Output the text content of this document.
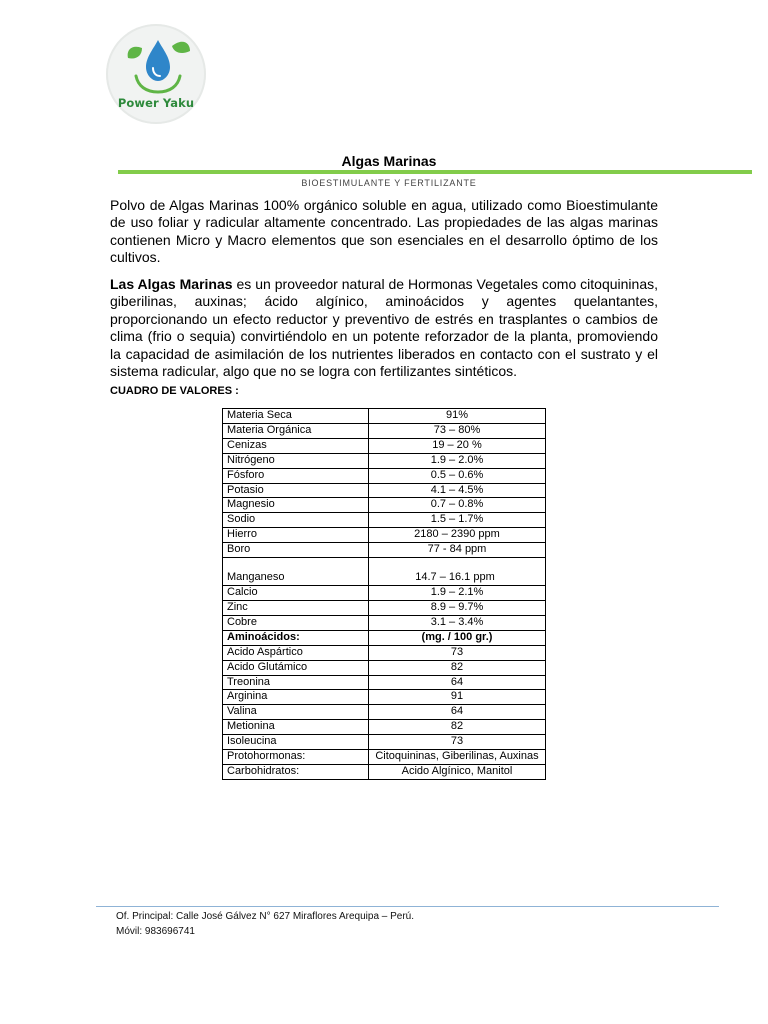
Power Yaku
Algas Marinas
BIOESTIMULANTE Y FERTILIZANTE

Polvo de Algas Marinas 100% orgánico soluble en agua, utilizado como Bioestimulante de uso foliar y radicular altamente concentrado. Las propiedades de las algas marinas contienen Micro y Macro elementos que son esenciales en el desarrollo óptimo de los cultivos.

Las Algas Marinas es un proveedor natural de Hormonas Vegetales como citoquininas, giberilinas, auxinas; ácido algínico, aminoácidos y agentes quelantantes, proporcionando un efecto reductor y preventivo de estrés en trasplantes o cambios de clima (frio o sequia) convirtiéndolo en un potente reforzador de la planta, promoviendo la capacidad de asimilación de los nutrientes liberados en contacto con el sustrato y el sistema radicular, algo que no se logra con fertilizantes sintéticos.

CUADRO DE VALORES :
Materia Seca	91%
Materia Orgánica	73 – 80%
Cenizas	19 – 20 %
Nitrógeno	1.9 – 2.0%
Fósforo	0.5 – 0.6%
Potasio	4.1 – 4.5%
Magnesio	0.7 – 0.8%
Sodio	1.5 – 1.7%
Hierro	2180 – 2390 ppm
Boro	77 - 84 ppm
Manganeso	14.7 – 16.1 ppm
Calcio	1.9 – 2.1%
Zinc	8.9 – 9.7%
Cobre	3.1 – 3.4%
Aminoácidos:	(mg. / 100 gr.)
Acido Aspártico	73
Acido Glutámico	82
Treonina	64
Arginina	91
Valina	64
Metionina	82
Isoleucina	73
Protohormonas:	Citoquininas, Giberilinas, Auxinas
Carbohidratos:	Acido Algínico, Manitol
Of. Principal: Calle José Gálvez N° 627 Miraflores Arequipa – Perú.
Móvil: 983696741
